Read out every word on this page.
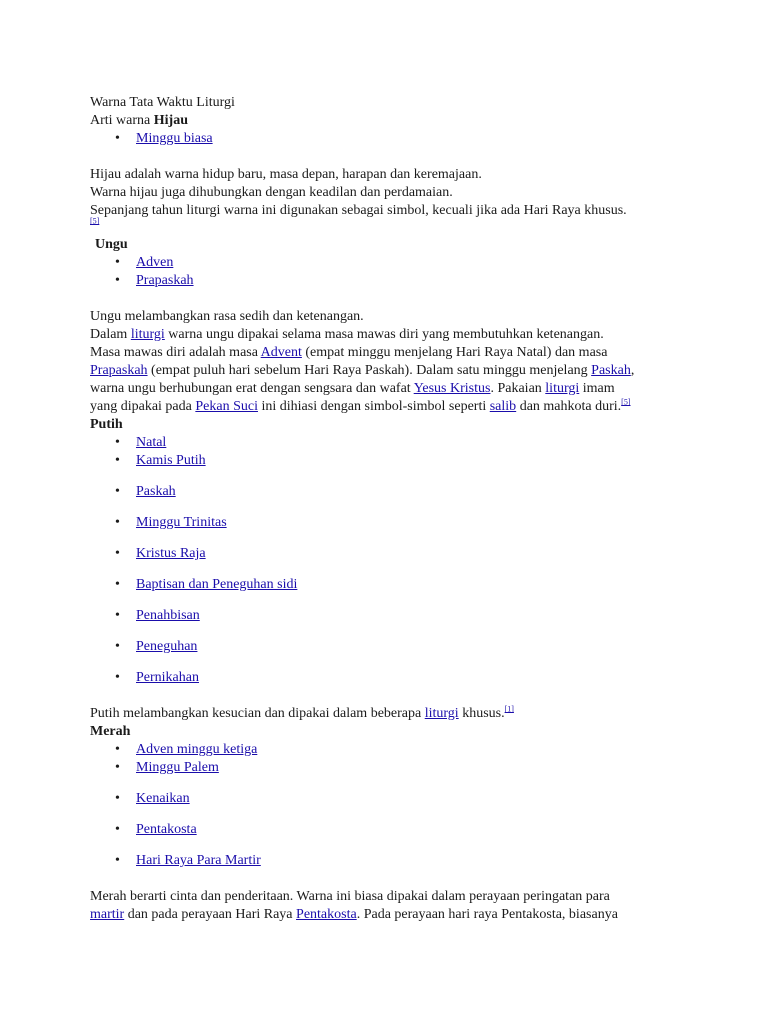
Warna Tata Waktu Liturgi
Arti warna Hijau
• Minggu biasa
Hijau adalah warna hidup baru, masa depan, harapan dan keremajaan.
Warna hijau juga dihubungkan dengan keadilan dan perdamaian.
Sepanjang tahun liturgi warna ini digunakan sebagai simbol, kecuali jika ada Hari Raya khusus.
[5]
Ungu
• Adven
• Prapaskah
Ungu melambangkan rasa sedih dan ketenangan.
Dalam liturgi warna ungu dipakai selama masa mawas diri yang membutuhkan ketenangan.
Masa mawas diri adalah masa Advent (empat minggu menjelang Hari Raya Natal) dan masa
Prapaskah (empat puluh hari sebelum Hari Raya Paskah). Dalam satu minggu menjelang Paskah,
warna ungu berhubungan erat dengan sengsara dan wafat Yesus Kristus. Pakaian liturgi imam
yang dipakai pada Pekan Suci ini dihiasi dengan simbol-simbol seperti salib dan mahkota duri.[5]
Putih
• Natal
• Kamis Putih
• Paskah
• Minggu Trinitas
• Kristus Raja
• Baptisan dan Peneguhan sidi
• Penahbisan
• Peneguhan
• Pernikahan
Putih melambangkan kesucian dan dipakai dalam beberapa liturgi khusus.[1]
Merah
• Adven minggu ketiga
• Minggu Palem
• Kenaikan
• Pentakosta
• Hari Raya Para Martir
Merah berarti cinta dan penderitaan. Warna ini biasa dipakai dalam perayaan peringatan para
martir dan pada perayaan Hari Raya Pentakosta. Pada perayaan hari raya Pentakosta, biasanya
